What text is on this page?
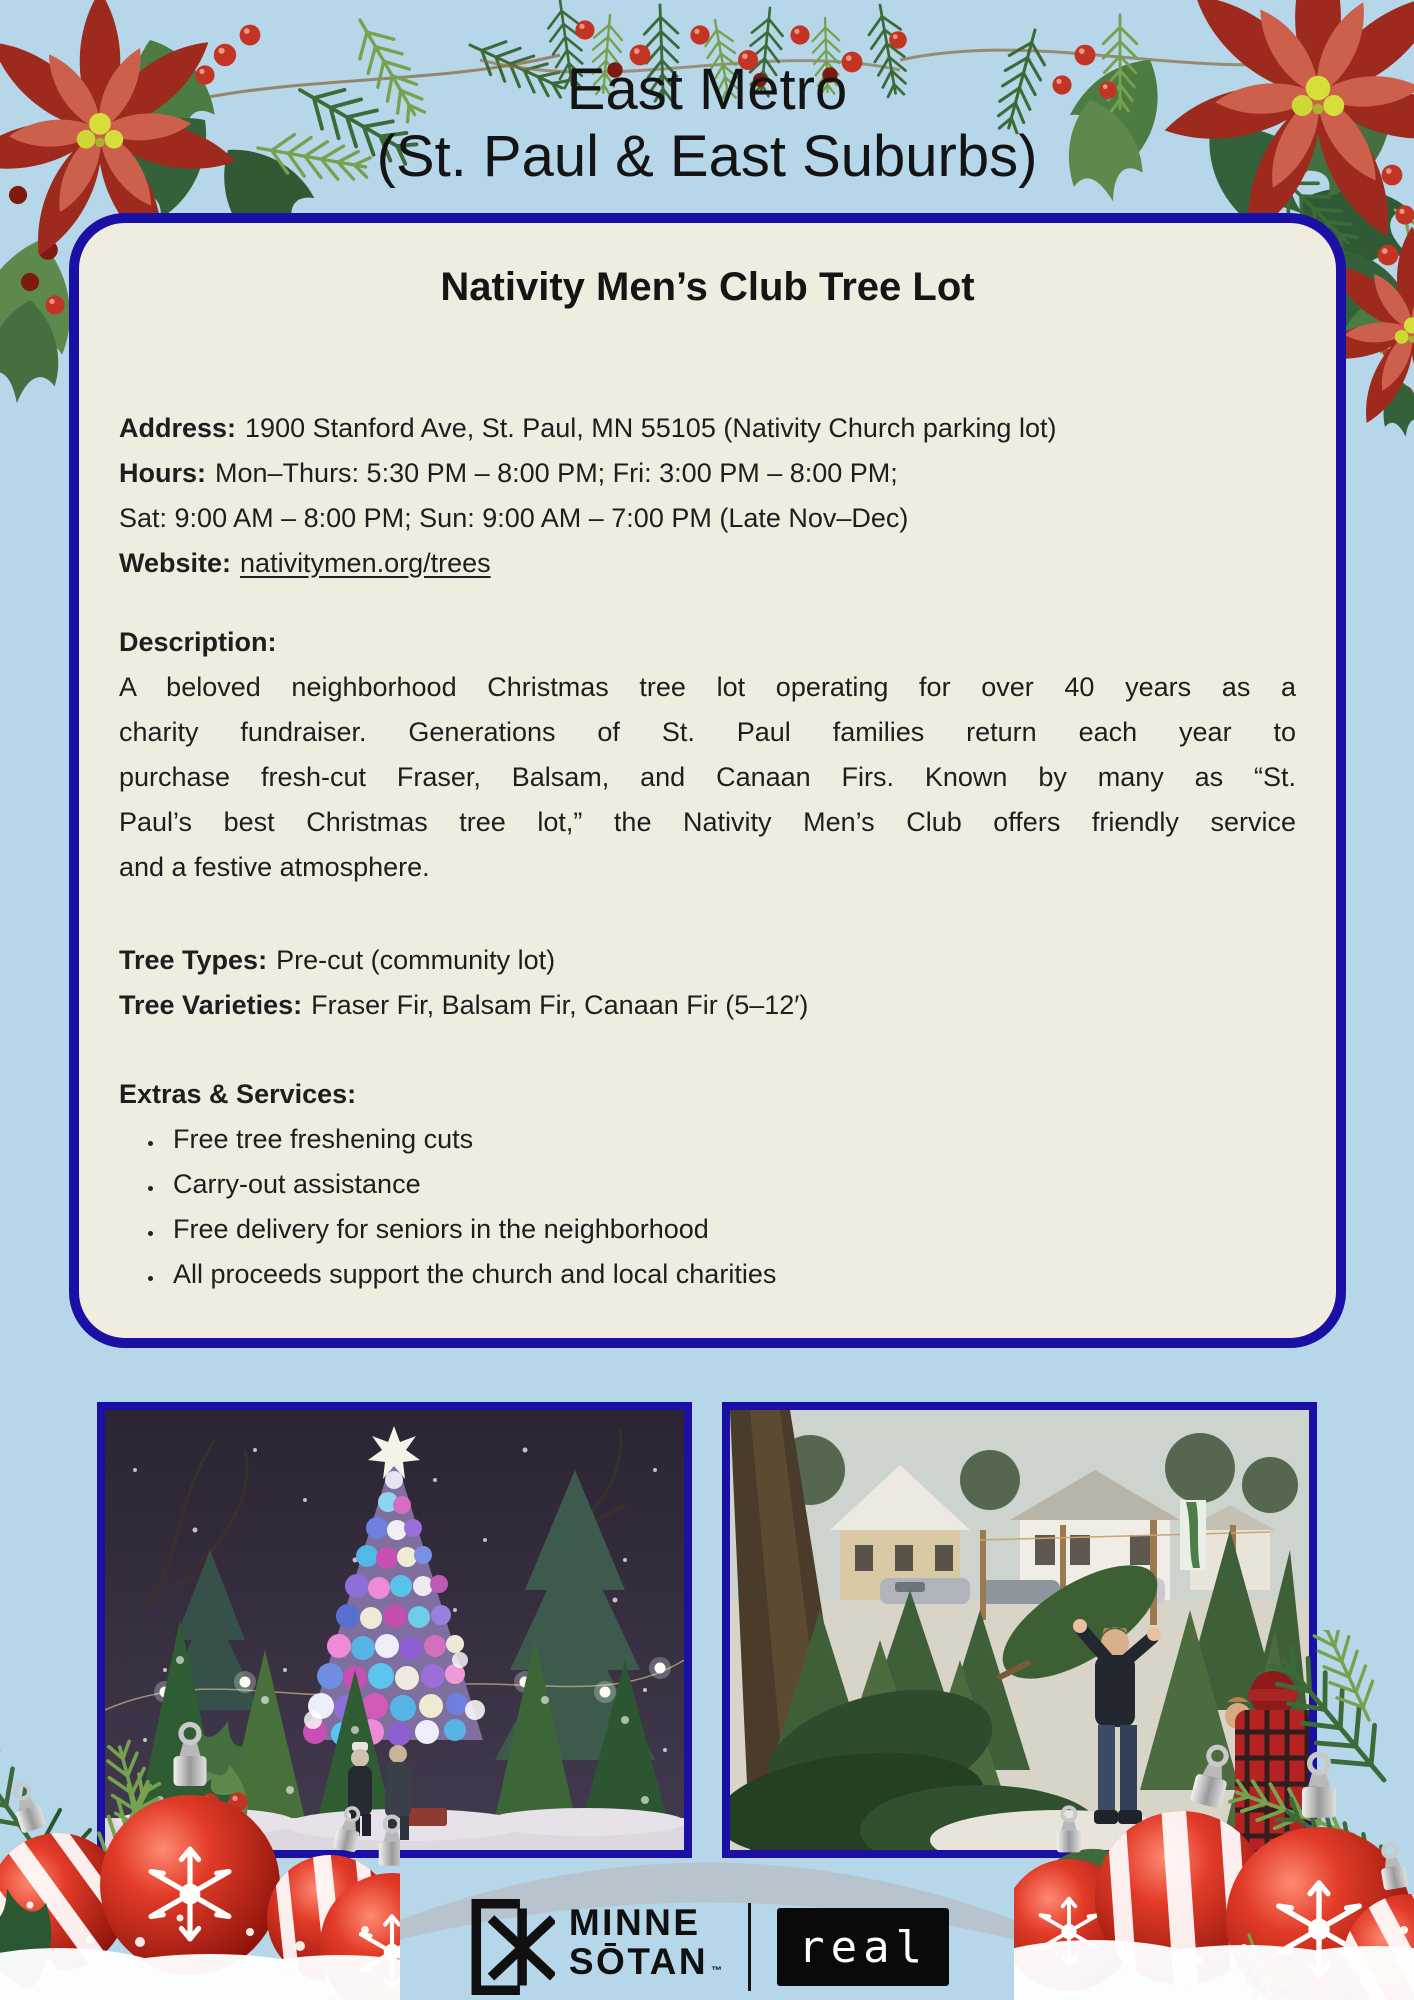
East Metro
(St. Paul & East Suburbs)
Nativity Men’s Club Tree Lot
Address: 1900 Stanford Ave, St. Paul, MN 55105 (Nativity Church parking lot)
Hours: Mon–Thurs: 5:30 PM – 8:00 PM; Fri: 3:00 PM – 8:00 PM;
Sat: 9:00 AM – 8:00 PM; Sun: 9:00 AM – 7:00 PM (Late Nov–Dec)
Website: nativitymen.org/trees
Description:
A beloved neighborhood Christmas tree lot operating for over 40 years as a
charity fundraiser. Generations of St. Paul families return each year to
purchase fresh-cut Fraser, Balsam, and Canaan Firs. Known by many as “St.
Paul’s best Christmas tree lot,” the Nativity Men’s Club offers friendly service
and a festive atmosphere.
Tree Types: Pre-cut (community lot)
Tree Varieties: Fraser Fir, Balsam Fir, Canaan Fir (5–12′)
Extras & Services:
• Free tree freshening cuts
• Carry-out assistance
• Free delivery for seniors in the neighborhood
• All proceeds support the church and local charities
MINNE
SŌTAN ™ real
